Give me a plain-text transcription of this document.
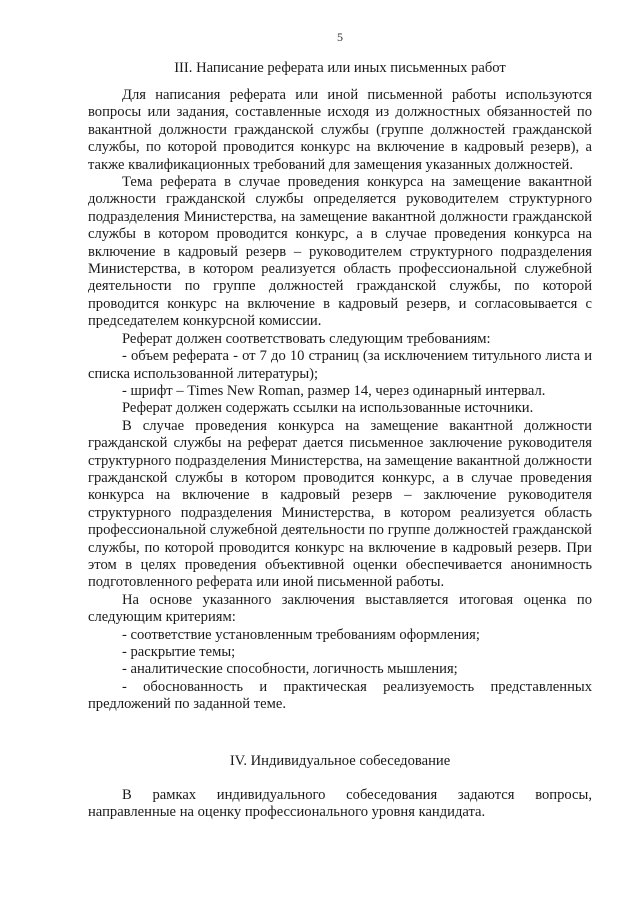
5
III. Написание реферата или иных письменных работ

Для написания реферата или иной письменной работы используются вопросы или задания, составленные исходя из должностных обязанностей по вакантной должности гражданской службы (группе должностей гражданской службы, по которой проводится конкурс на включение в кадровый резерв), а также квалификационных требований для замещения указанных должностей.

Тема реферата в случае проведения конкурса на замещение вакантной должности гражданской службы определяется руководителем структурного подразделения Министерства, на замещение вакантной должности гражданской службы в котором проводится конкурс, а в случае проведения конкурса на включение в кадровый резерв – руководителем структурного подразделения Министерства, в котором реализуется область профессиональной служебной деятельности по группе должностей гражданской службы, по которой проводится конкурс на включение в кадровый резерв, и согласовывается с председателем конкурсной комиссии.

Реферат должен соответствовать следующим требованиям:

- объем реферата - от 7 до 10 страниц (за исключением титульного листа и списка использованной литературы);

- шрифт – Times New Roman, размер 14, через одинарный интервал.

Реферат должен содержать ссылки на использованные источники.

В случае проведения конкурса на замещение вакантной должности гражданской службы на реферат дается письменное заключение руководителя структурного подразделения Министерства, на замещение вакантной должности гражданской службы в котором проводится конкурс, а в случае проведения конкурса на включение в кадровый резерв – заключение руководителя структурного подразделения Министерства, в котором реализуется область профессиональной служебной деятельности по группе должностей гражданской службы, по которой проводится конкурс на включение в кадровый резерв. При этом в целях проведения объективной оценки обеспечивается анонимность подготовленного реферата или иной письменной работы.

На основе указанного заключения выставляется итоговая оценка по следующим критериям:

- соответствие установленным требованиям оформления;

- раскрытие темы;

- аналитические способности, логичность мышления;

- обоснованность и практическая реализуемость представленных предложений по заданной теме.

IV. Индивидуальное собеседование

В рамках индивидуального собеседования задаются вопросы, направленные на оценку профессионального уровня кандидата.
